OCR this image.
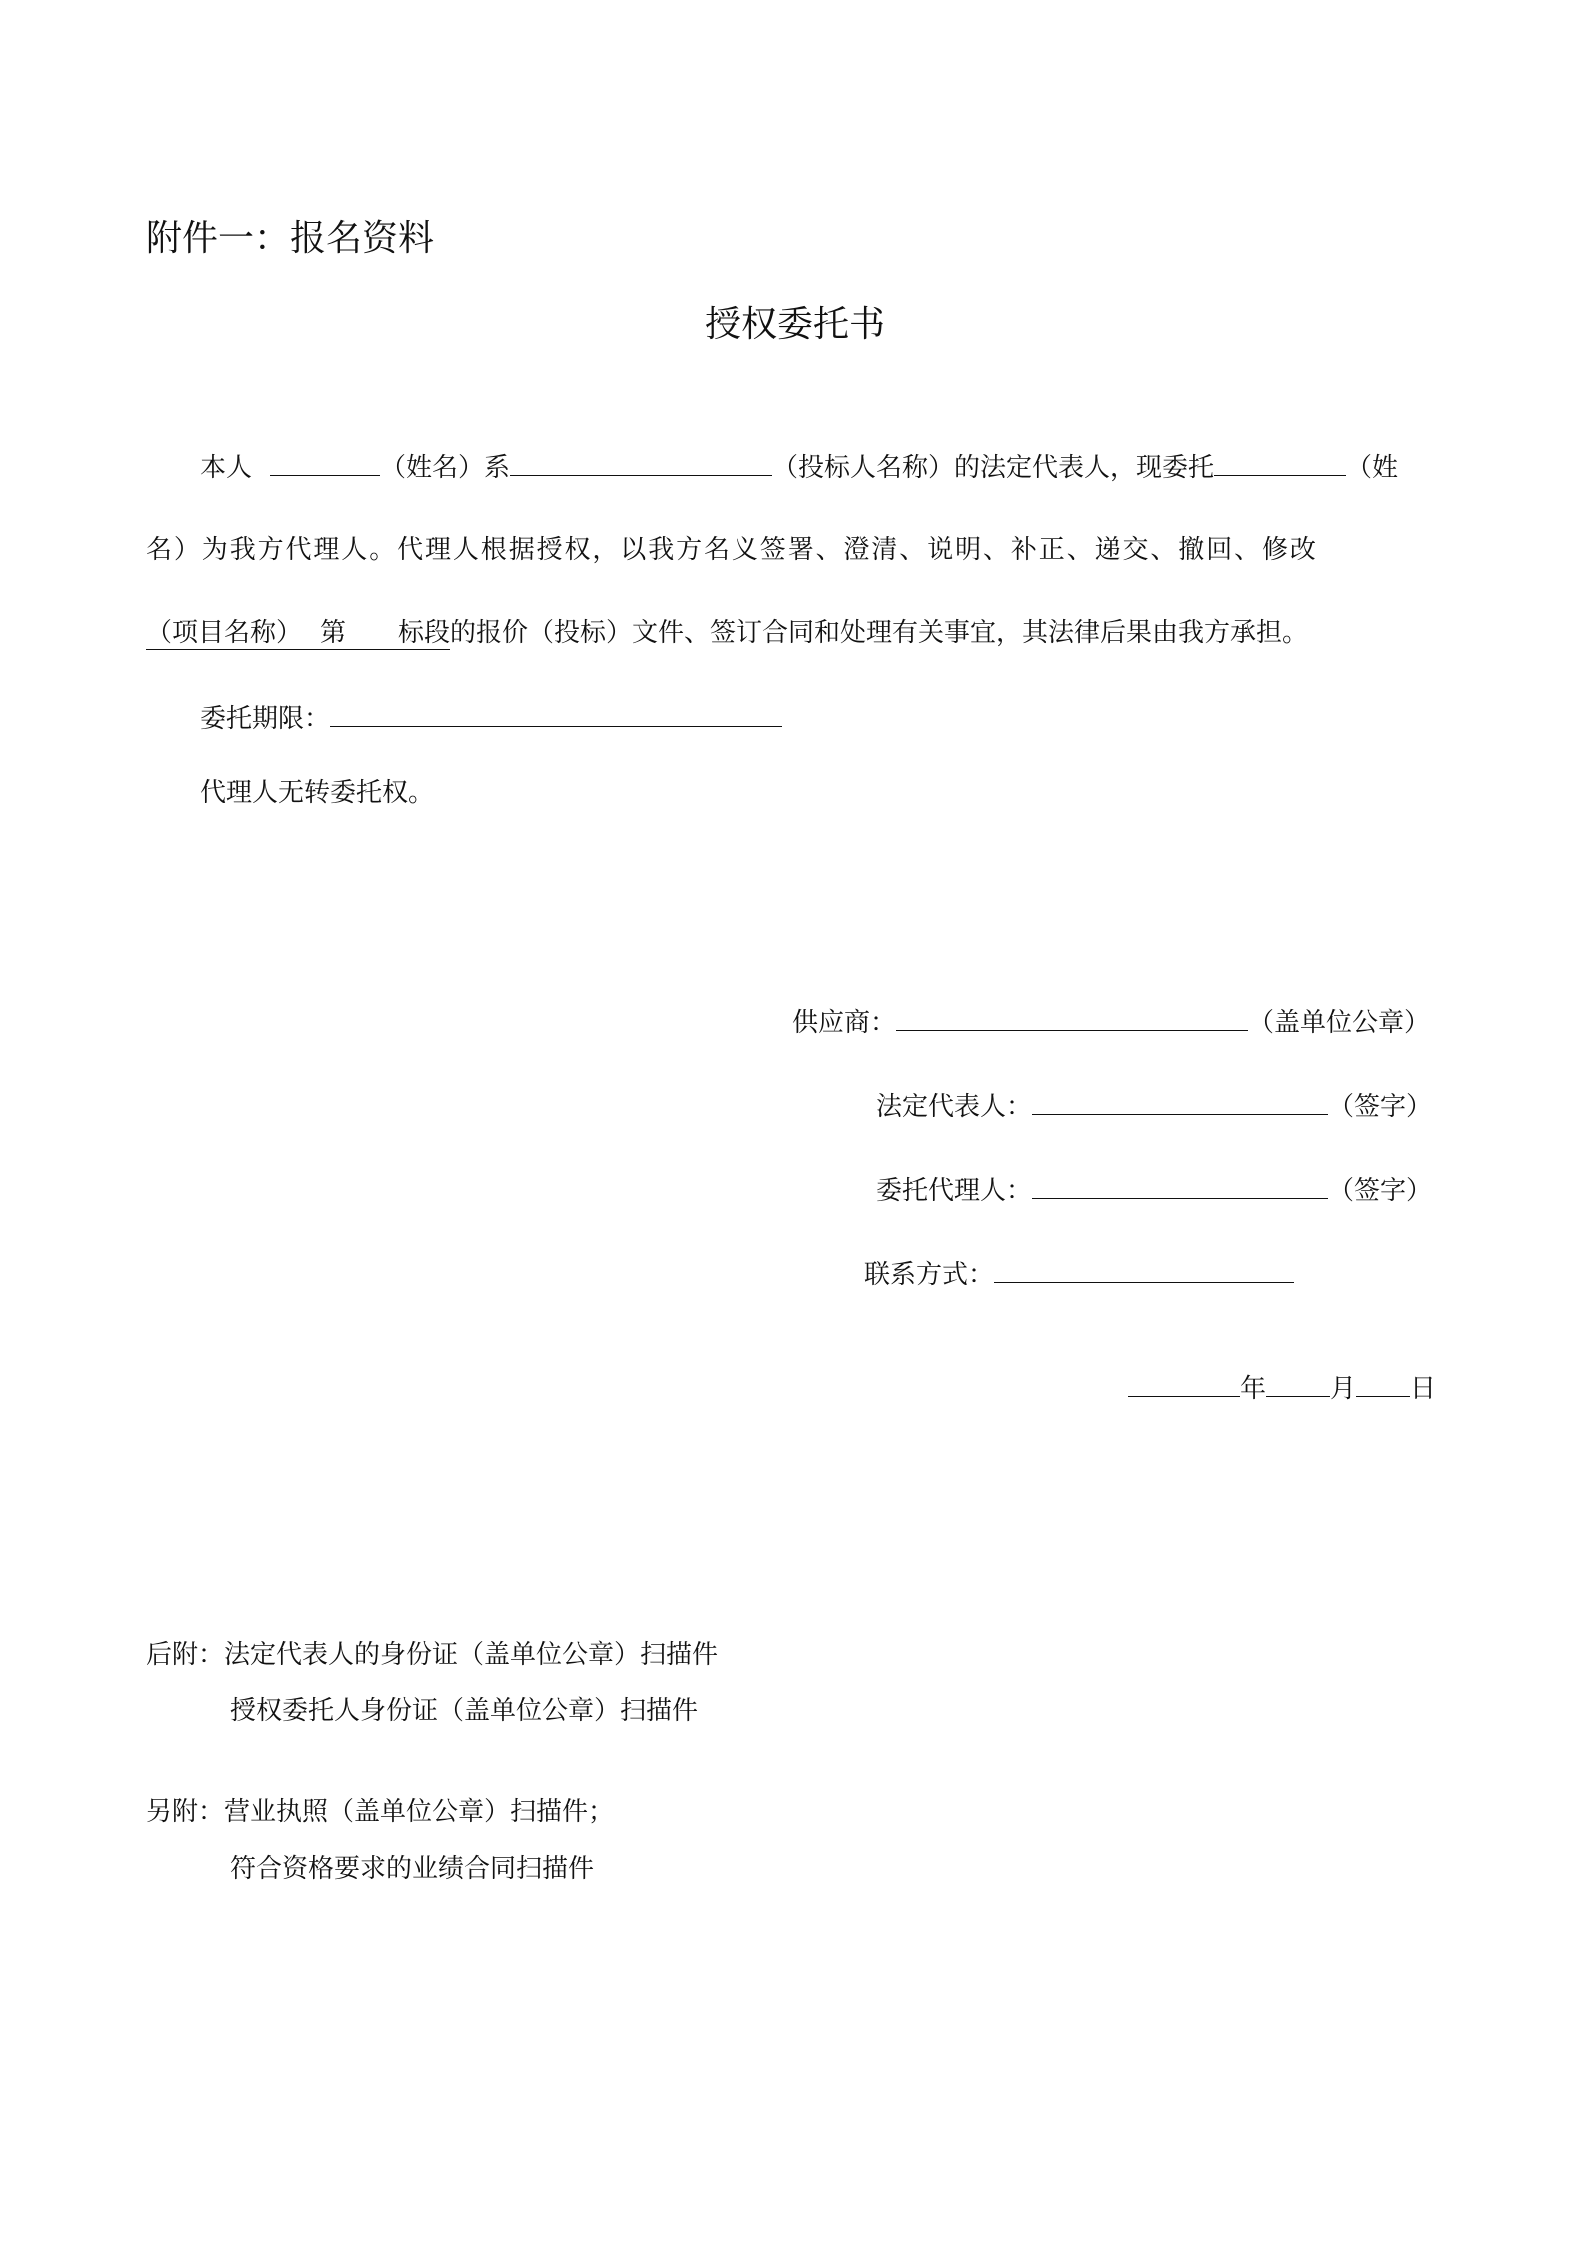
附件一：报名资料
授权委托书
本人	（姓名）系	（投标人名称）的法定代表人，现委托	（姓
名）为我方代理人。代理人根据授权，以我方名义签署、澄清、说明、补正、递交、撤回、修改
（项目名称） 第 标段的报价（投标）文件、签订合同和处理有关事宜，其法律后果由我方承担。
委托期限：
代理人无转委托权。
供应商：	（盖单位公章）
法定代表人：	（签字）
委托代理人：	（签字）
联系方式：
年 月 日
后附：法定代表人的身份证（盖单位公章）扫描件
授权委托人身份证（盖单位公章）扫描件
另附：营业执照（盖单位公章）扫描件；
符合资格要求的业绩合同扫描件
